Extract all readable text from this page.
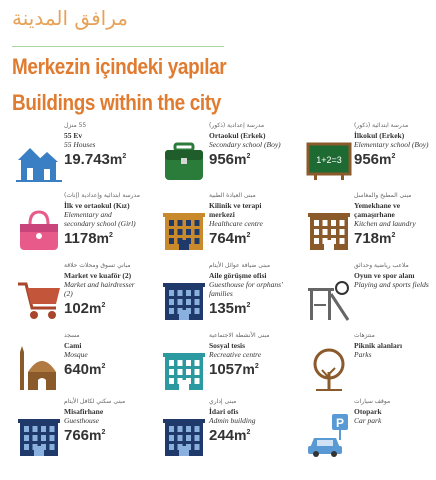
مرافق المدينة
Merkezin içindeki yapılar
Buildings within the city
55 منزل
55 Ev
55 Houses
$19.743m^2$
مدرسة إعدادية (ذكور)
Ortaokul (Erkek)
Secondary school (Boy)
$956m^2$	1+2=3
مدرسة ابتدائية (ذكور)
İlkokul (Erkek)
Elementary school (Boy)
$956m^2$
مدرسة ابتدائية وإعدادية (إناث)
İlk ve ortaokul (Kız)
Elementary and secondary school (Girl)
$1178m^2$
مبنى العيادة الطبية
Kilinik ve terapi merkezi
Healthcare centre
$764m^2$
مبنى المطبخ والمغاسل
Yemekhane ve çamaşırhane
Kitchen and laundry
$718m^2$
مباني تسوق ومحلات حلاقة
Market ve kuaför (2)
Market and hairdresser (2)
$102m^2$
مبنى ضيافة عوائل الأيتام
Aile görüşme ofisi
Guesthouse for orphans' families
$135m^2$
ملاعب رياضية وحدائق
Oyun ve spor alanı
Playing and sports fields
مسجد
Cami
Mosque
$640m^2$
مبنى الأنشطة الاجتماعية
Sosyal tesis
Recreative centre
$1057m^2$
منتزهات
Piknik alanları
Parks
مبنى سكني لكافل الأيتام
Misafirhane
Guesthouse
$766m^2$
مبنى إداري
İdari ofis
Admin building
$244m^2$
P
موقف سيارات
Otopark
Car park
